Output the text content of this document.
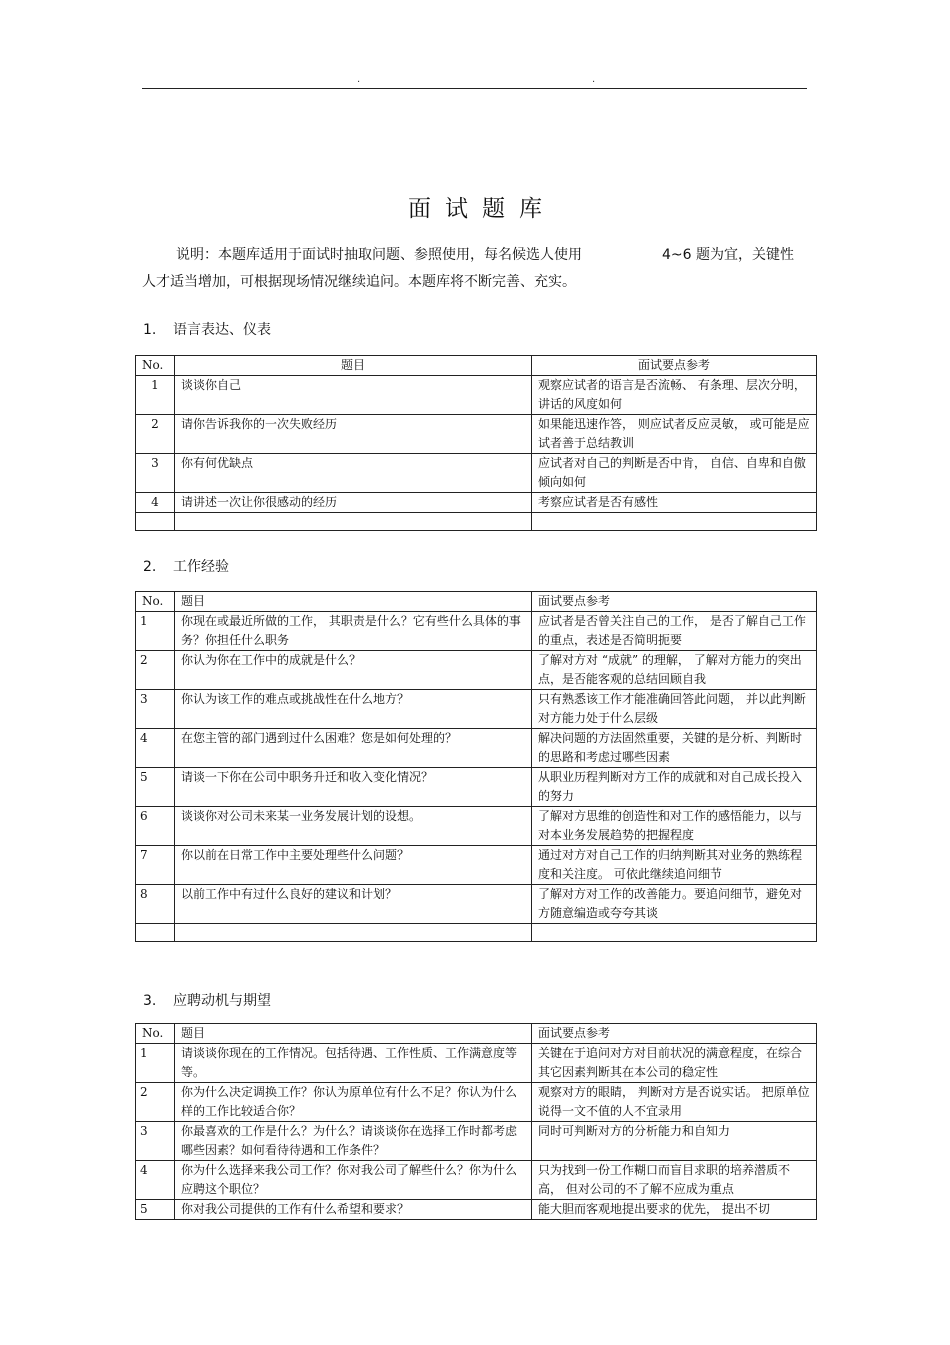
.	.
面试题库
说明：本题库适用于面试时抽取问题、参照使用，每名候选人使用	4~6 题为宜，关键性
人才适当增加，可根据现场情况继续追问。本题库将不断完善、充实。
1. 语言表达、仪表
No.	题目	面试要点参考
1	谈谈你自己	观察应试者的语言是否流畅、 有条理、层次分明，讲话的风度如何
2	请你告诉我你的一次失败经历	如果能迅速作答， 则应试者反应灵敏， 或可能是应试者善于总结教训
3	你有何优缺点	应试者对自己的判断是否中肯， 自信、自卑和自傲倾向如何
4	请讲述一次让你很感动的经历	考察应试者是否有感性

2. 工作经验
No.	题目	面试要点参考
1	你现在或最近所做的工作， 其职责是什么？它有些什么具体的事务？你担任什么职务	应试者是否曾关注自己的工作， 是否了解自己工作的重点，表述是否简明扼要
2	你认为你在工作中的成就是什么？	了解对方对 “成就” 的理解， 了解对方能力的突出点，是否能客观的总结回顾自我
3	你认为该工作的难点或挑战性在什么地方？	只有熟悉该工作才能准确回答此问题， 并以此判断对方能力处于什么层级
4	在您主管的部门遇到过什么困难？您是如何处理的？	解决问题的方法固然重要，关键的是分析、判断时的思路和考虑过哪些因素
5	请谈一下你在公司中职务升迁和收入变化情况？	从职业历程判断对方工作的成就和对自己成长投入的努力
6	谈谈你对公司未来某一业务发展计划的设想。	了解对方思维的创造性和对工作的感悟能力，以与对本业务发展趋势的把握程度
7	你以前在日常工作中主要处理些什么问题？	通过对方对自己工作的归纳判断其对业务的熟练程度和关注度。 可依此继续追问细节
8	以前工作中有过什么良好的建议和计划？	了解对方对工作的改善能力。要追问细节，避免对方随意编造或夸夸其谈

3. 应聘动机与期望
No.	题目	面试要点参考
1	请谈谈你现在的工作情况。包括待遇、工作性质、工作满意度等等。	关键在于追问对方对目前状况的满意程度，在综合其它因素判断其在本公司的稳定性
2	你为什么决定调换工作？你认为原单位有什么不足？你认为什么样的工作比较适合你？	观察对方的眼睛， 判断对方是否说实话。 把原单位说得一文不值的人不宜录用
3	你最喜欢的工作是什么？为什么？请谈谈你在选择工作时都考虑哪些因素？如何看待待遇和工作条件？	同时可判断对方的分析能力和自知力
4	你为什么选择来我公司工作？你对我公司了解些什么？你为什么应聘这个职位？	只为找到一份工作糊口而盲目求职的培养潜质不高， 但对公司的不了解不应成为重点
5	你对我公司提供的工作有什么希望和要求？	能大胆而客观地提出要求的优先， 提出不切
